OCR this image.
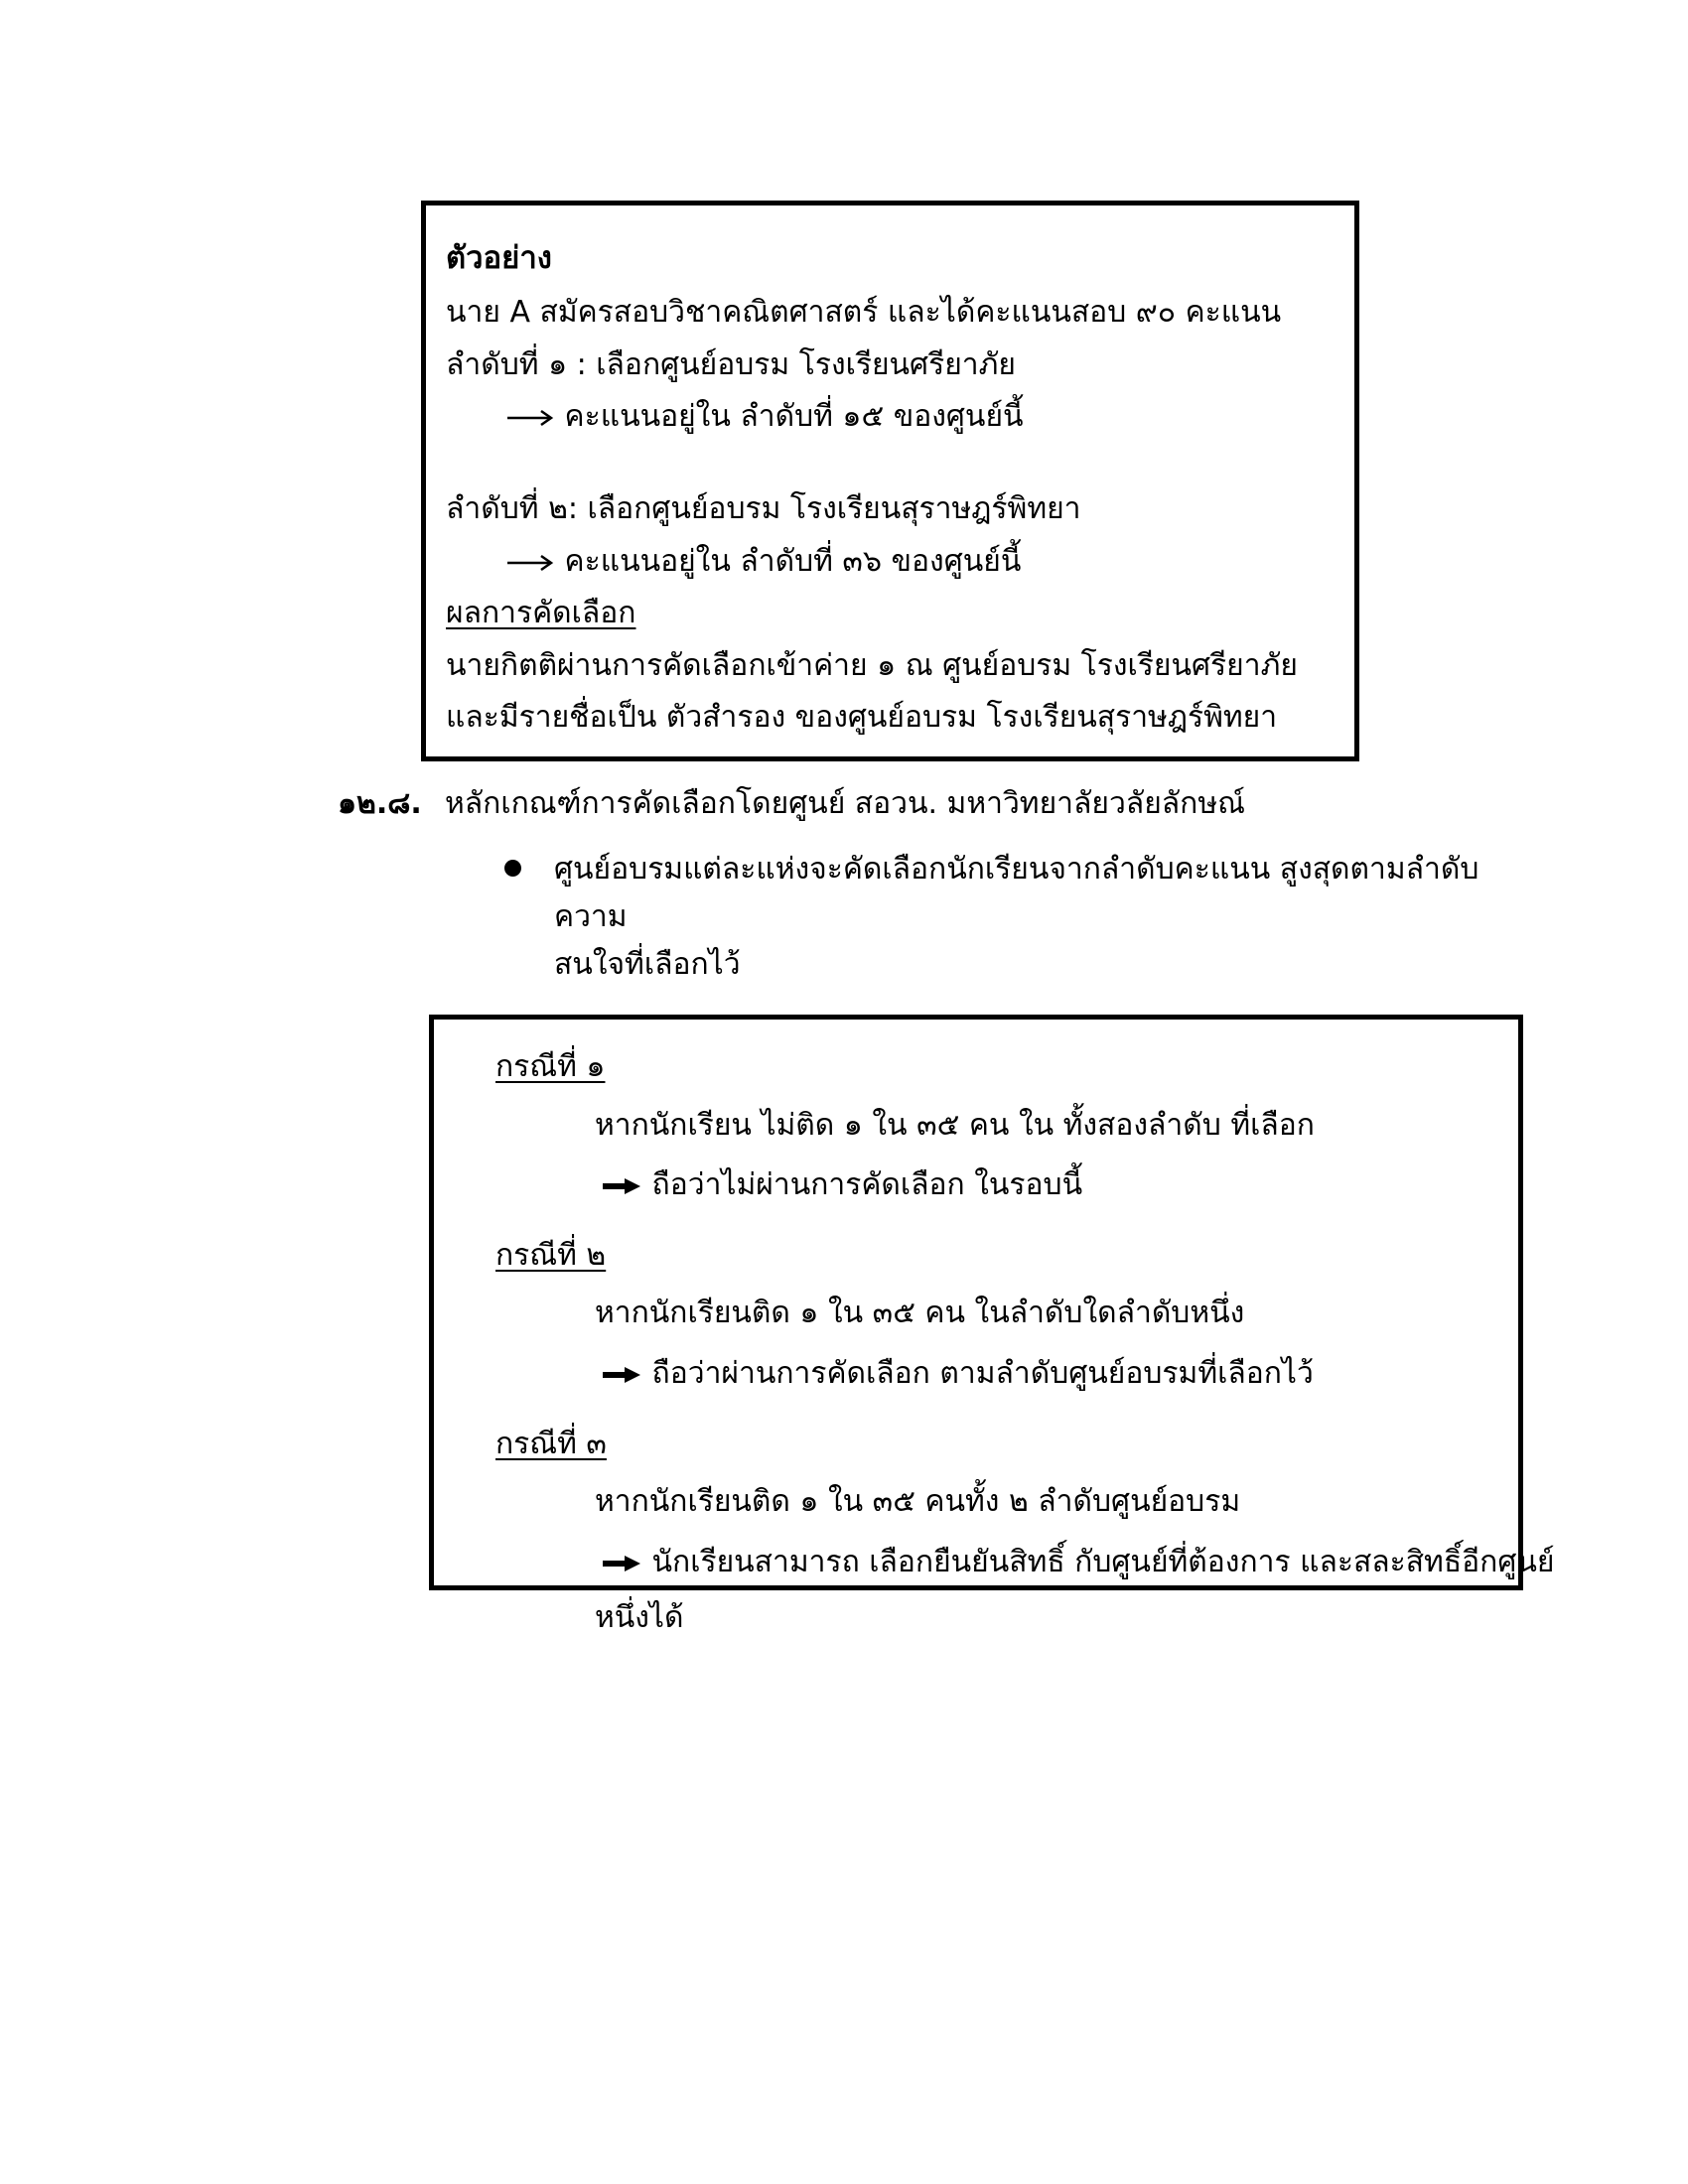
ตัวอย่าง
นาย A สมัครสอบวิชาคณิตศาสตร์ และได้คะแนนสอบ ๙๐ คะแนน
ลำดับที่ ๑ : เลือกศูนย์อบรม โรงเรียนศรียาภัย
คะแนนอยู่ใน ลำดับที่ ๑๕ ของศูนย์นี้
ลำดับที่ ๒: เลือกศูนย์อบรม โรงเรียนสุราษฎร์พิทยา
คะแนนอยู่ใน ลำดับที่ ๓๖ ของศูนย์นี้
ผลการคัดเลือก
นายกิตติผ่านการคัดเลือกเข้าค่าย ๑ ณ ศูนย์อบรม โรงเรียนศรียาภัย
และมีรายชื่อเป็น ตัวสำรอง ของศูนย์อบรม โรงเรียนสุราษฎร์พิทยา
๑๒.๘. หลักเกณฑ์การคัดเลือกโดยศูนย์ สอวน. มหาวิทยาลัยวลัยลักษณ์
ศูนย์อบรมแต่ละแห่งจะคัดเลือกนักเรียนจากลำดับคะแนน สูงสุดตามลำดับความ
สนใจที่เลือกไว้
กรณีที่ ๑
หากนักเรียน ไม่ติด ๑ ใน ๓๕ คน ใน ทั้งสองลำดับ ที่เลือก
ถือว่าไม่ผ่านการคัดเลือก ในรอบนี้
กรณีที่ ๒
หากนักเรียนติด ๑ ใน ๓๕ คน ในลำดับใดลำดับหนึ่ง
ถือว่าผ่านการคัดเลือก ตามลำดับศูนย์อบรมที่เลือกไว้
กรณีที่ ๓
หากนักเรียนติด ๑ ใน ๓๕ คนทั้ง ๒ ลำดับศูนย์อบรม
นักเรียนสามารถ เลือกยืนยันสิทธิ์ กับศูนย์ที่ต้องการ และสละสิทธิ์อีกศูนย์
หนึ่งได้
